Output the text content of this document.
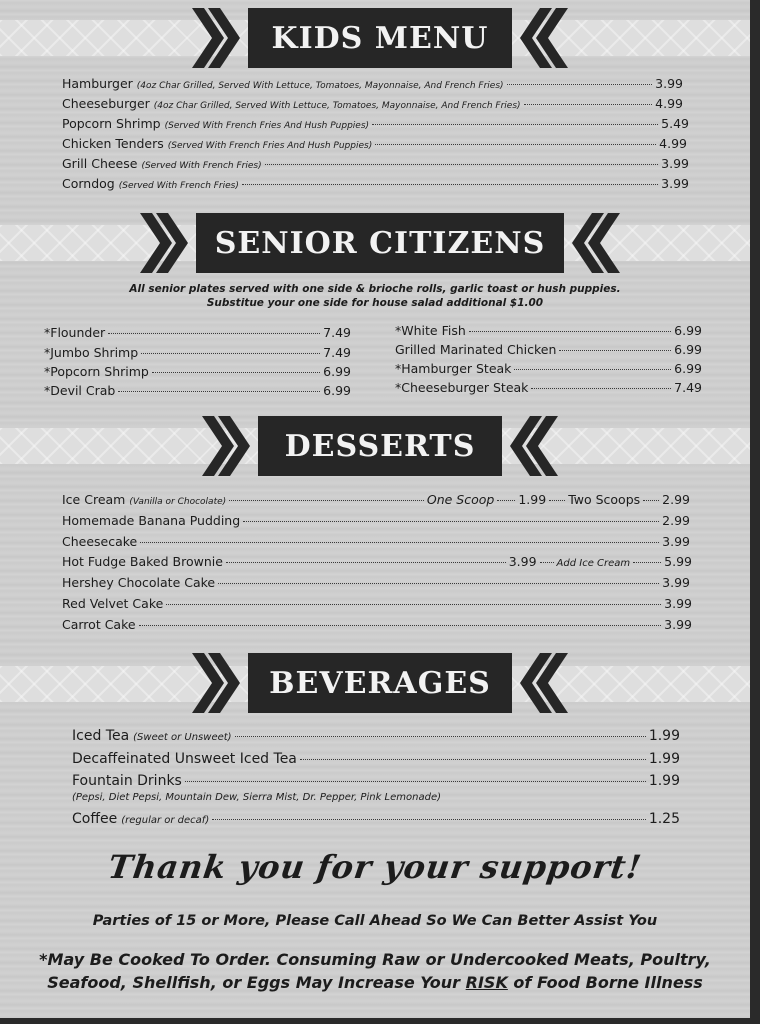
KIDS MENU
Hamburger (4oz Char Grilled, Served With Lettuce, Tomatoes, Mayonnaise, And French Fries)	3.99
Cheeseburger (4oz Char Grilled, Served With Lettuce, Tomatoes, Mayonnaise, And French Fries)	4.99
Popcorn Shrimp (Served With French Fries And Hush Puppies)	5.49
Chicken Tenders (Served With French Fries And Hush Puppies)	4.99
Grill Cheese (Served With French Fries)	3.99
Corndog (Served With French Fries)	3.99
SENIOR CITIZENS
All senior plates served with one side & brioche rolls, garlic toast or hush puppies.
Substitue your one side for house salad additional $1.00
*Flounder	7.49
*Jumbo Shrimp	7.49
*Popcorn Shrimp	6.99
*Devil Crab	6.99
*White Fish	6.99
Grilled Marinated Chicken	6.99
*Hamburger Steak	6.99
*Cheeseburger Steak	7.49
DESSERTS
Ice Cream (Vanilla or Chocolate)	One Scoop 1.99 Two Scoops 2.99
Homemade Banana Pudding	2.99
Cheesecake	3.99
Hot Fudge Baked Brownie	3.99 Add Ice Cream	5.99
Hershey Chocolate Cake	3.99
Red Velvet Cake	3.99
Carrot Cake	3.99
BEVERAGES
Iced Tea (Sweet or Unsweet)	1.99
Decaffeinated Unsweet Iced Tea	1.99
Fountain Drinks	1.99
(Pepsi, Diet Pepsi, Mountain Dew, Sierra Mist, Dr. Pepper, Pink Lemonade)
Coffee (regular or decaf)	1.25
Thank you for your support!
Parties of 15 or More, Please Call Ahead So We Can Better Assist You
*May Be Cooked To Order. Consuming Raw or Undercooked Meats, Poultry,
Seafood, Shellfish, or Eggs May Increase Your RISK of Food Borne Illness
